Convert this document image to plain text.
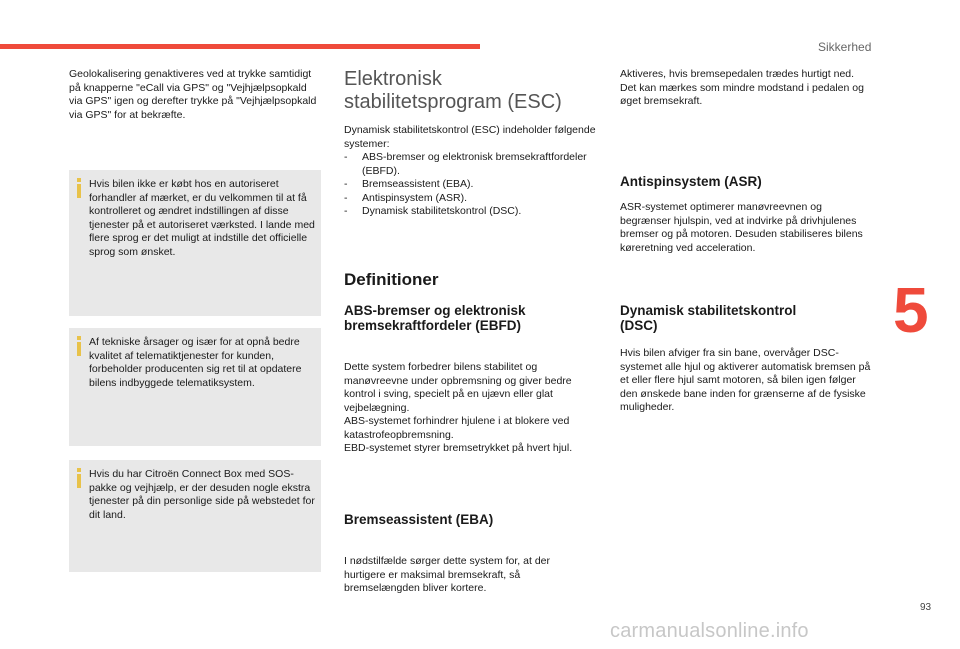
Sikkerhed
5

Geolokalisering genaktiveres ved at trykke samtidigt på knapperne "eCall via GPS" og "Vejhjælpsopkald via GPS" igen og derefter trykke på "Vejhjælpsopkald via GPS" for at bekræfte.

Hvis bilen ikke er købt hos en autoriseret forhandler af mærket, er du velkommen til at få kontrolleret og ændret indstillingen af disse tjenester på et autoriseret værksted. I lande med flere sprog er det muligt at indstille det officielle sprog som ønsket.

Af tekniske årsager og især for at opnå bedre kvalitet af telematiktjenester for kunden, forbeholder producenten sig ret til at opdatere bilens indbyggede telematiksystem.

Hvis du har Citroën Connect Box med SOS-pakke og vejhjælp, er der desuden nogle ekstra tjenester på din personlige side på webstedet for dit land.

Elektronisk
stabilitetsprogram (ESC)

Dynamisk stabilitetskontrol (ESC) indeholder følgende systemer:

- ABS-bremser og elektronisk bremsekraftfordeler (EBFD).
- Bremseassistent (EBA).
- Antispinsystem (ASR).
- Dynamisk stabilitetskontrol (DSC).
Definitioner
ABS-bremser og elektronisk
bremsekraftfordeler (EBFD)

Dette system forbedrer bilens stabilitet og manøvreevne under opbremsning og giver bedre kontrol i sving, specielt på en ujævn eller glat vejbelægning.

ABS-systemet forhindrer hjulene i at blokere ved katastrofeopbremsning.

EBD-systemet styrer bremsetrykket på hvert hjul.

Bremseassistent (EBA)

I nødstilfælde sørger dette system for, at der hurtigere er maksimal bremsekraft, så bremselængden bliver kortere.

Aktiveres, hvis bremsepedalen trædes hurtigt ned. Det kan mærkes som mindre modstand i pedalen og øget bremsekraft.

Antispinsystem (ASR)

ASR-systemet optimerer manøvreevnen og begrænser hjulspin, ved at indvirke på drivhjulenes bremser og på motoren. Desuden stabiliseres bilens køreretning ved acceleration.

Dynamisk stabilitetskontrol
(DSC)

Hvis bilen afviger fra sin bane, overvåger DSC-systemet alle hjul og aktiverer automatisk bremsen på et eller flere hjul samt motoren, så bilen igen følger den ønskede bane inden for grænserne af de fysiske muligheder.

93
carmanualsonline.info
